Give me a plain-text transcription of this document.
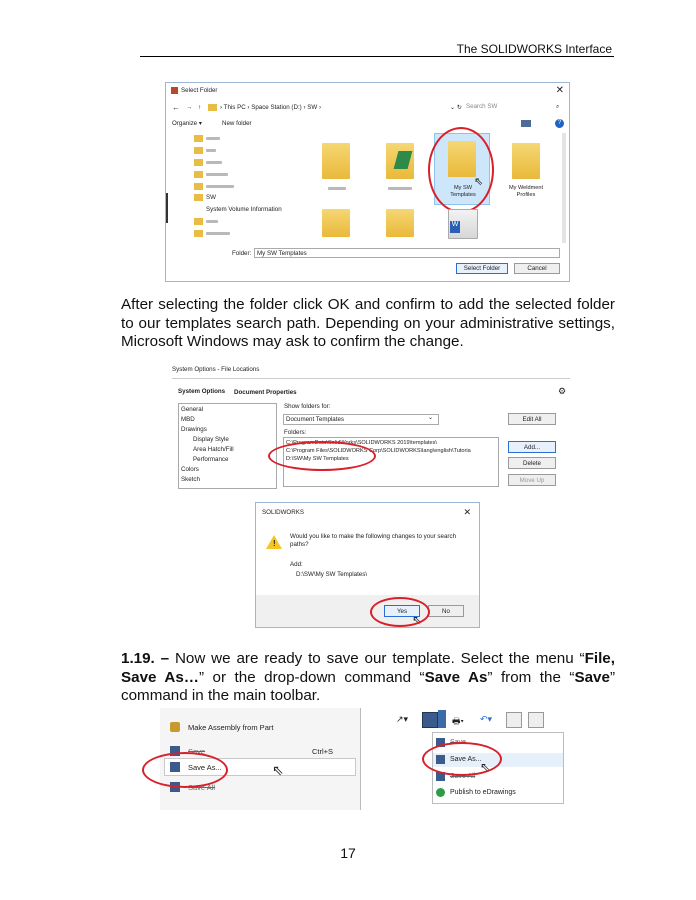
The SOLIDWORKS Interface
Select Folder	✕
← → ↑	› This PC › Space Station (D:) › SW ›	⌄ ↻ Search SW	⌕
Organize ▾	New folder	?
SW
System Volume Information
My SW Templates
⇖	My Weldment Profiles
W
Folder: My SW Templates
Select Folder	Cancel
After selecting the folder click OK and confirm to add the selected folder to our templates search path. Depending on your administrative settings, Microsoft Windows may ask to confirm the change.
System Options - File Locations
System Options Document Properties	⚙
Show folders for:
Document Templates	⌄	Edit All
Folders:
Add...
Delete
Move Up
General
MBD
Drawings
Display Style
Area Hatch/Fill
Performance
Colors
Sketch
C:\ProgramData\SolidWorks\SOLIDWORKS 2019\templates\
C:\Program Files\SOLIDWORKS Corp\SOLIDWORKS\lang\english\Tutoria
D:\SW\My SW Templates
SOLIDWORKS	✕
!
Would you like to make the following changes to your search paths?
Add:
D:\SW\My SW Templates\
Yes	No
⇖
1.19. – Now we are ready to save our template. Select the menu “File, Save As…” or the drop-down command “Save As” from the “Save” command in the main toolbar.
Make Assembly from Part
Save	Ctrl+S
Save As...	⇖
Save All
↗▾	🖶▾ ↶▾
Save
Save As...
⇖
Save All
Publish to eDrawings
17
